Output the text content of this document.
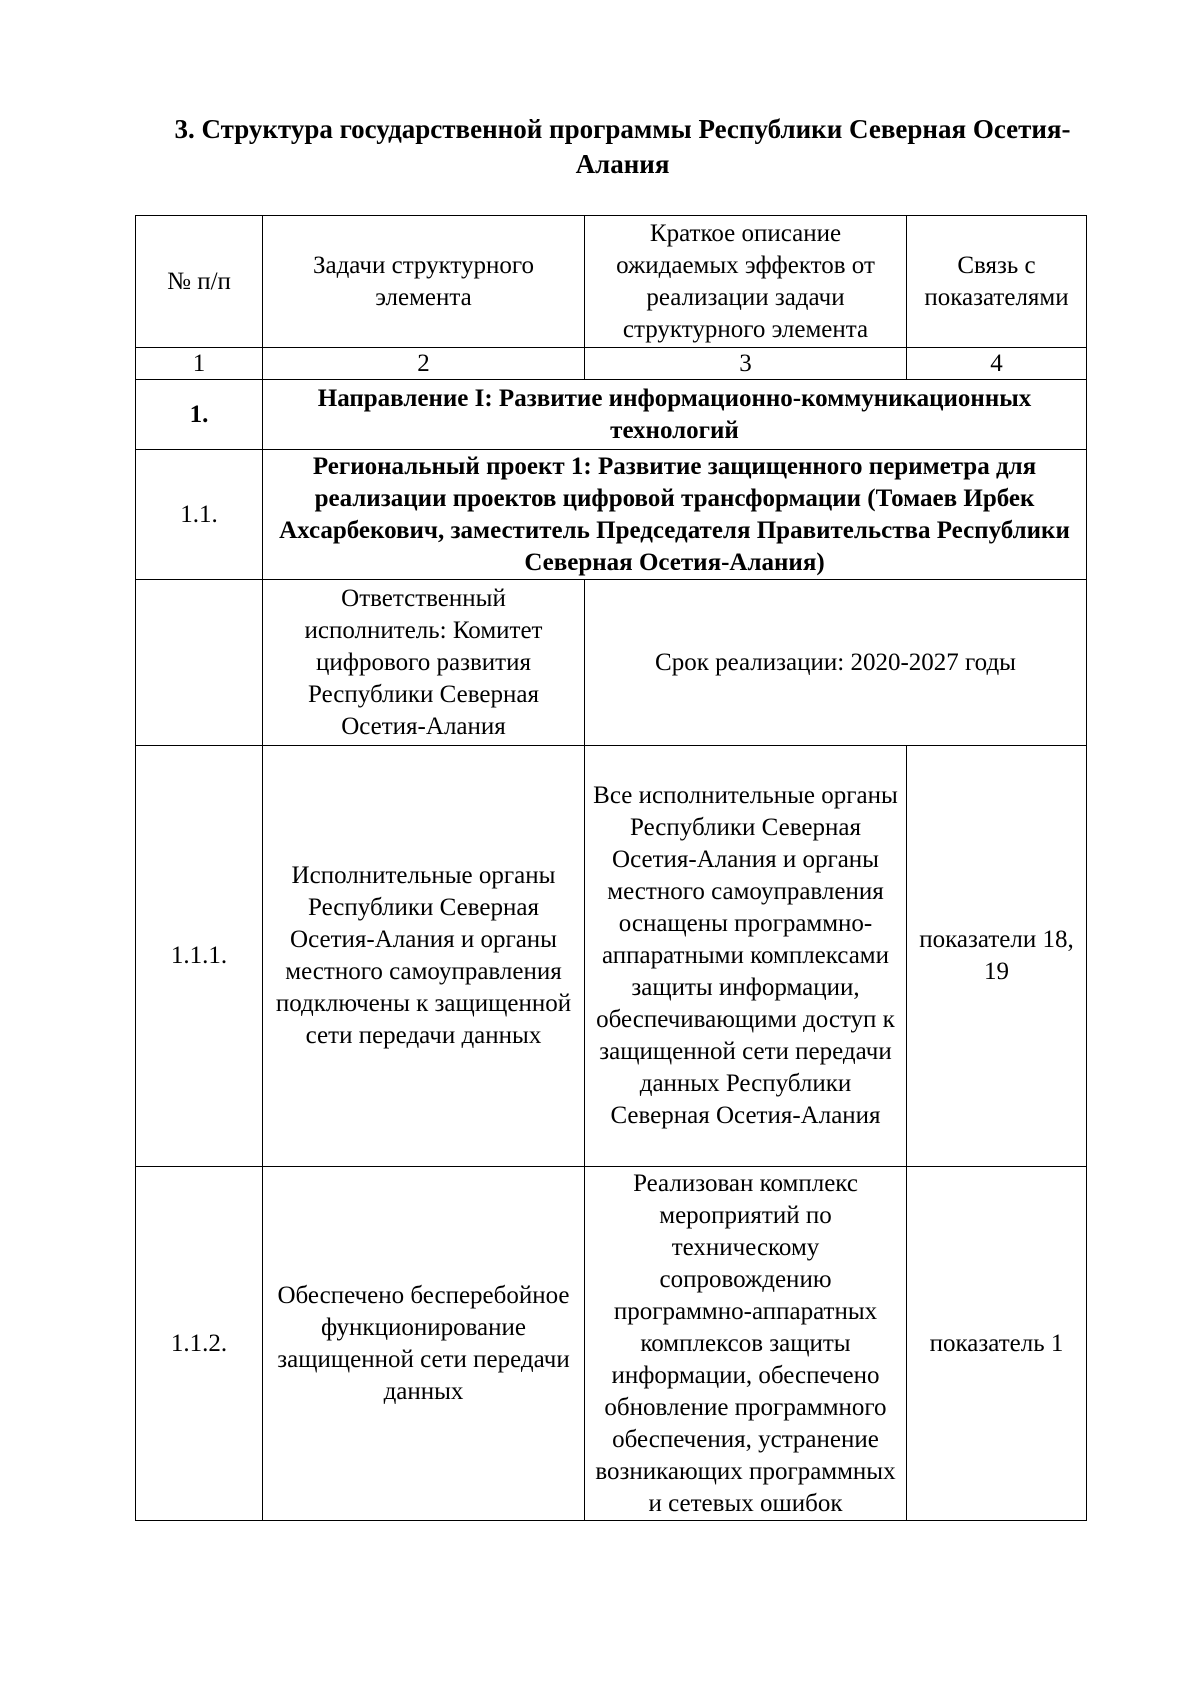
3. Структура государственной программы Республики Северная Осетия-Алания
№ п/п	Задачи структурного элемента	Краткое описание ожидаемых эффектов от реализации задачи структурного элемента	Связь с показателями
1	2	3	4
1.	Направление I: Развитие информационно-коммуникационных технологий		
1.1.	Региональный проект 1: Развитие защищенного периметра для реализации проектов цифровой трансформации (Томаев Ирбек Ахсарбекович, заместитель Председателя Правительства Республики Северная Осетия-Алания)		
	Ответственный исполнитель: Комитет цифрового развития Республики Северная Осетия-Алания	Срок реализации: 2020-2027 годы	
1.1.1.	Исполнительные органы Республики Северная Осетия-Алания и органы местного самоуправления подключены к защищенной сети передачи данных	Все исполнительные органы Республики Северная Осетия-Алания и органы местного самоуправления оснащены программно-аппаратными комплексами защиты информации, обеспечивающими доступ к защищенной сети передачи данных Республики Северная Осетия-Алания	показатели 18, 19
1.1.2.	Обеспечено бесперебойное функционирование защищенной сети передачи данных	Реализован комплекс мероприятий по техническому сопровождению программно-аппаратных комплексов защиты информации, обеспечено обновление программного обеспечения, устранение возникающих программных и сетевых ошибок	показатель 1
